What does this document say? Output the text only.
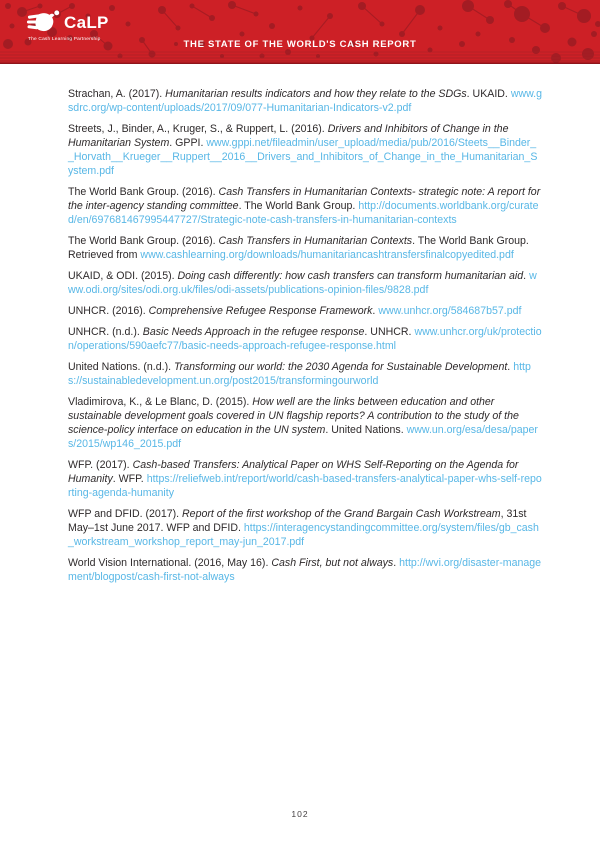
CaLP
The Cash Learning Partnership	THE STATE OF THE WORLD'S CASH REPORT

Strachan, A. (2017). Humanitarian results indicators and how they relate to the SDGs. UKAID. www.gsdrc.org/wp-content/uploads/2017/09/077-Humanitarian-Indicators-v2.pdf

Streets, J., Binder, A., Kruger, S., & Ruppert, L. (2016). Drivers and Inhibitors of Change in the Humanitarian System. GPPI. www.gppi.net/fileadmin/user_upload/media/pub/2016/Steets__Binder__Horvath__Krueger__Ruppert__2016__Drivers_and_Inhibitors_of_Change_in_the_Humanitarian_System.pdf

The World Bank Group. (2016). Cash Transfers in Humanitarian Contexts- strategic note: A report for the inter-agency standing committee. The World Bank Group. http://documents.worldbank.org/curated/en/697681467995447727/Strategic-note-cash-transfers-in-humanitarian-contexts

The World Bank Group. (2016). Cash Transfers in Humanitarian Contexts. The World Bank Group. Retrieved from www.cashlearning.org/downloads/humanitariancashtransfersfinalcopyedited.pdf

UKAID, & ODI. (2015). Doing cash differently: how cash transfers can transform humanitarian aid. www.odi.org/sites/odi.org.uk/files/odi-assets/publications-opinion-files/9828.pdf

UNHCR. (2016). Comprehensive Refugee Response Framework. www.unhcr.org/584687b57.pdf

UNHCR. (n.d.). Basic Needs Approach in the refugee response. UNHCR. www.unhcr.org/uk/protection/operations/590aefc77/basic-needs-approach-refugee-response.html

United Nations. (n.d.). Transforming our world: the 2030 Agenda for Sustainable Development. https://sustainabledevelopment.un.org/post2015/transformingourworld

Vladimirova, K., & Le Blanc, D. (2015). How well are the links between education and other sustainable development goals covered in UN flagship reports? A contribution to the study of the science-policy interface on education in the UN system. United Nations. www.un.org/esa/desa/papers/2015/wp146_2015.pdf

WFP. (2017). Cash-based Transfers: Analytical Paper on WHS Self-Reporting on the Agenda for Humanity. WFP. https://reliefweb.int/report/world/cash-based-transfers-analytical-paper-whs-self-reporting-agenda-humanity

WFP and DFID. (2017). Report of the first workshop of the Grand Bargain Cash Workstream, 31st May–1st June 2017. WFP and DFID. https://interagencystandingcommittee.org/system/files/gb_cash_workstream_workshop_report_may-jun_2017.pdf

World Vision International. (2016, May 16). Cash First, but not always. http://wvi.org/disaster-management/blogpost/cash-first-not-always

102
